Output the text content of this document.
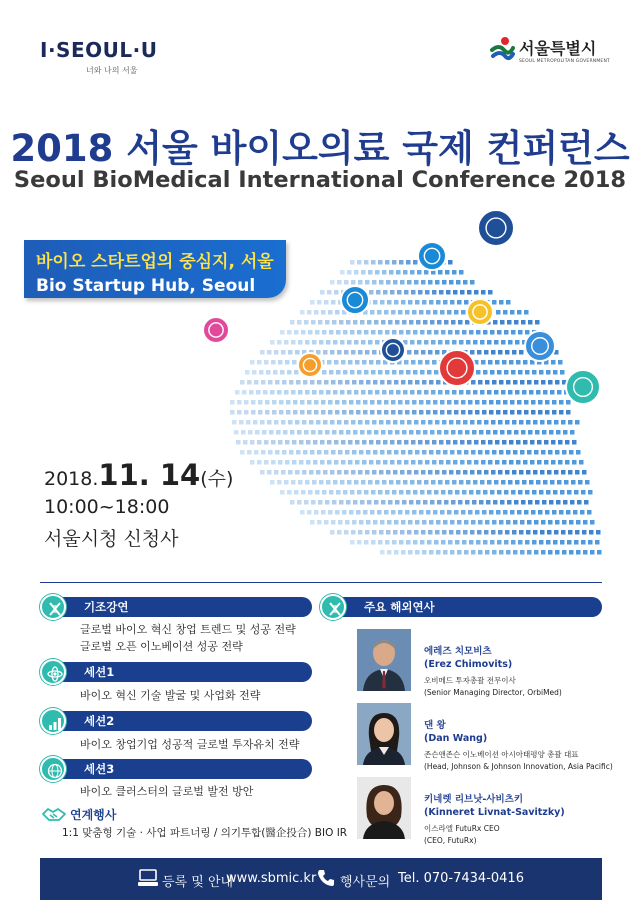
I·SEOUL·U
너와 나의 서울
서울특별시
SEOUL METROPOLITAN GOVERNMENT
2018 서울 바이오의료 국제 컨퍼런스
Seoul BioMedical International Conference 2018
바이오 스타트업의 중심지, 서울
Bio Startup Hub, Seoul
2018.11. 14(수)
10:00~18:00
서울시청 신청사
기조강연
글로벌 바이오 혁신 창업 트렌드 및 성공 전략
글로벌 오픈 이노베이션 성공 전략
세션1
바이오 혁신 기술 발굴 및 사업화 전략
세션2
바이오 창업기업 성공적 글로벌 투자유치 전략
세션3
바이오 클러스터의 글로벌 발전 방안
연계행사
1:1 맞춤형 기술 · 사업 파트너링 / 의기투합(醫企投合) BIO IR
주요 해외연사
에레즈 치모비츠
(Erez Chimovits)
오비메드 투자총괄 전무이사
(Senior Managing Director, OrbiMed)
댄 왕
(Dan Wang)
존슨앤존슨 이노베이션 아시아태평양 총괄 대표
(Head, Johnson & Johnson Innovation, Asia Pacific)
키네렛 리브낫-사비츠키
(Kinneret Livnat-Savitzky)
이스라엘 FutuRx CEO
(CEO, FutuRx)
등록 및 안내
www.sbmic.kr 행사문의 Tel. 070-7434-0416
